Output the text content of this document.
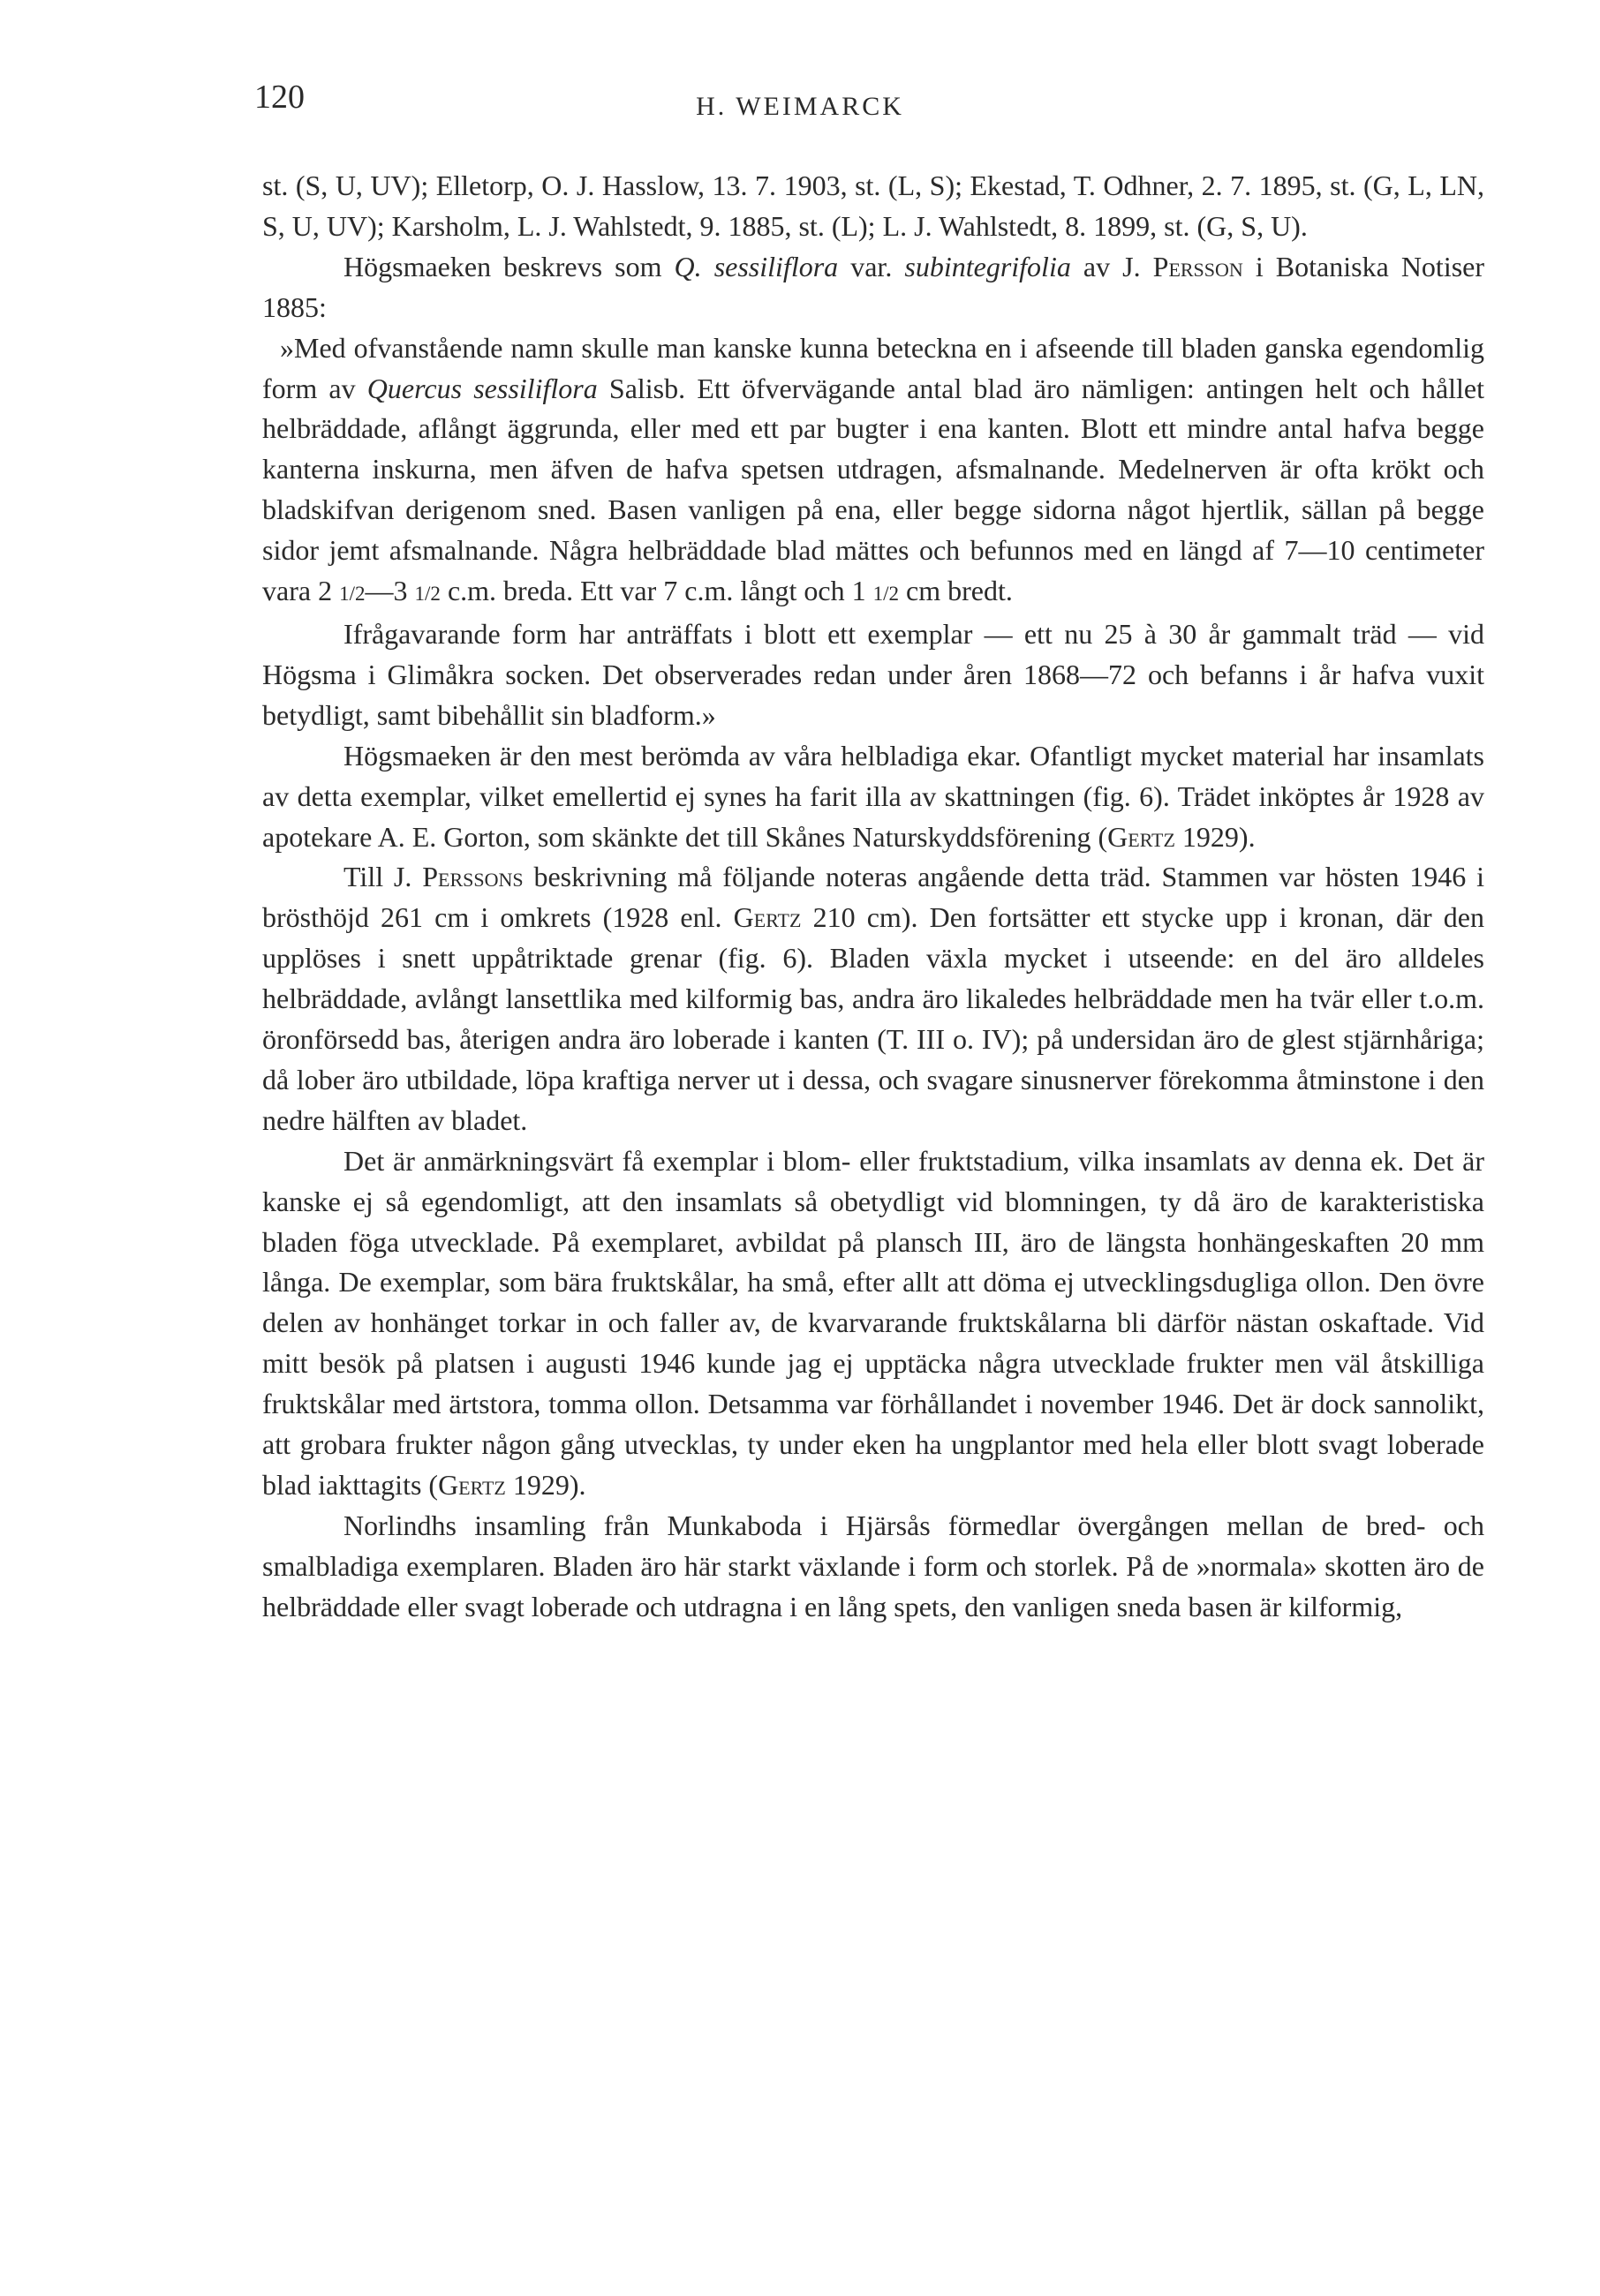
120	H. WEIMARCK

st. (S, U, UV); Elletorp, O. J. Hasslow, 13. 7. 1903, st. (L, S); Ekestad, T. Odhner, 2. 7. 1895, st. (G, L, LN, S, U, UV); Karsholm, L. J. Wahlstedt, 9. 1885, st. (L); L. J. Wahlstedt, 8. 1899, st. (G, S, U).

Högsmaeken beskrevs som Q. sessiliflora var. subintegrifolia av J. Persson i Botaniska Notiser 1885:

»Med ofvanstående namn skulle man kanske kunna beteckna en i afseende till bladen ganska egendomlig form av Quercus sessiliflora Salisb. Ett öfvervägande antal blad äro nämligen: antingen helt och hållet helbräddade, aflångt äggrunda, eller med ett par bugter i ena kanten. Blott ett mindre antal hafva begge kanterna inskurna, men äfven de hafva spetsen utdragen, afsmalnande. Medelnerven är ofta krökt och bladskifvan derigenom sned. Basen vanligen på ena, eller begge sidorna något hjertlik, sällan på begge sidor jemt afsmalnande. Några helbräddade blad mättes och befunnos med en längd af 7—10 centimeter vara 2 1/2—3 1/2 c.m. breda. Ett var 7 c.m. långt och 1 1/2 cm bredt.

Ifrågavarande form har anträffats i blott ett exemplar — ett nu 25 à 30 år gammalt träd — vid Högsma i Glimåkra socken. Det observerades redan under åren 1868—72 och befanns i år hafva vuxit betydligt, samt bibehållit sin bladform.»

Högsmaeken är den mest berömda av våra helbladiga ekar. Ofantligt mycket material har insamlats av detta exemplar, vilket emellertid ej synes ha farit illa av skattningen (fig. 6). Trädet inköptes år 1928 av apotekare A. E. Gorton, som skänkte det till Skånes Naturskyddsförening (Gertz 1929).

Till J. Perssons beskrivning må följande noteras angående detta träd. Stammen var hösten 1946 i brösthöjd 261 cm i omkrets (1928 enl. Gertz 210 cm). Den fortsätter ett stycke upp i kronan, där den upplöses i snett uppåtriktade grenar (fig. 6). Bladen växla mycket i utseende: en del äro alldeles helbräddade, avlångt lansettlika med kilformig bas, andra äro likaledes helbräddade men ha tvär eller t.o.m. öronförsedd bas, återigen andra äro loberade i kanten (T. III o. IV); på undersidan äro de glest stjärnhåriga; då lober äro utbildade, löpa kraftiga nerver ut i dessa, och svagare sinusnerver förekomma åtminstone i den nedre hälften av bladet.

Det är anmärkningsvärt få exemplar i blom- eller fruktstadium, vilka insamlats av denna ek. Det är kanske ej så egendomligt, att den insamlats så obetydligt vid blomningen, ty då äro de karakteristiska bladen föga utvecklade. På exemplaret, avbildat på plansch III, äro de längsta honhängeskaften 20 mm långa. De exemplar, som bära fruktskålar, ha små, efter allt att döma ej utvecklingsdugliga ollon. Den övre delen av honhänget torkar in och faller av, de kvarvarande fruktskålarna bli därför nästan oskaftade. Vid mitt besök på platsen i augusti 1946 kunde jag ej upptäcka några utvecklade frukter men väl åtskilliga fruktskålar med ärtstora, tomma ollon. Detsamma var förhållandet i november 1946. Det är dock sannolikt, att grobara frukter någon gång utvecklas, ty under eken ha ungplantor med hela eller blott svagt loberade blad iakttagits (Gertz 1929).

Norlindhs insamling från Munkaboda i Hjärsås förmedlar övergången mellan de bred- och smalbladiga exemplaren. Bladen äro här starkt växlande i form och storlek. På de »normala» skotten äro de helbräddade eller svagt loberade och utdragna i en lång spets, den vanligen sneda basen är kilformig,
